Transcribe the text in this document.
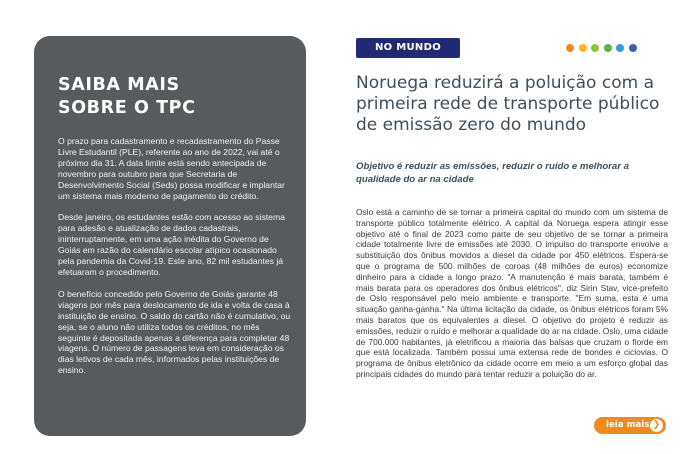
SAIBA MAIS
SOBRE O TPC

O prazo para cadastramento e recadastramento do Passe Livre Estudantil (PLE), referente ao ano de 2022, vai até o próximo dia 31. A data limite está sendo antecipada de novembro para outubro para que Secretaria de Desenvolvimento Social (Seds) possa modificar e implantar um sistema mais moderno de pagamento do crédito.

Desde janeiro, os estudantes estão com acesso ao sistema para adesão e atualização de dados cadastrais, ininterruptamente, em uma ação inédita do Governo de Goiás em razão do calendário escolar atípico ocasionado pela pandemia da Covid-19. Este ano, 82 mil estudantes já efetuaram o procedimento.

O benefício concedido pelo Governo de Goiás garante 48 viagens por mês para deslocamento de ida e volta de casa à instituição de ensino. O saldo do cartão não é cumulativo, ou seja, se o aluno não utiliza todos os créditos, no mês seguinte é depositada apenas a diferença para completar 48 viagens. O número de passagens leva em consideração os dias letivos de cada mês, informados pelas instituições de ensino.

NO MUNDO
Noruega reduzirá a poluição com a primeira rede de transporte público de emissão zero do mundo

Objetivo é reduzir as emissões, reduzir o ruído e melhorar a qualidade do ar na cidade

Oslo está a caminho de se tornar a primeira capital do mundo com um sistema de transporte público totalmente elétrico. A capital da Noruega espera atingir esse objetivo até o final de 2023 como parte de seu objetivo de se tornar a primeira cidade totalmente livre de emissões até 2030. O impulso do transporte envolve a substituição dos ônibus movidos a diesel da cidade por 450 elétricos. Espera-se que o programa de 500 milhões de coroas (48 milhões de euros) economize dinheiro para a cidade a longo prazo. "A manutenção é mais barata, também é mais barata para os operadores dos ônibus elétricos", diz Sirin Stav, vice-prefeito de Oslo responsável pelo meio ambiente e transporte. "Em suma, esta é uma situação ganha-ganha." Na última licitação da cidade, os ônibus elétricos foram 5% mais baratos que os equivalentes a diesel. O objetivo do projeto é reduzir as emissões, reduzir o ruído e melhorar a qualidade do ar na cidade. Oslo, uma cidade de 700.000 habitantes, já eletrificou a maioria das balsas que cruzam o fiorde em que está localizada. Também possui uma extensa rede de bondes e ciclovias. O programa de ônibus eletrônico da cidade ocorre em meio a um esforço global das principais cidades do mundo para tentar reduzir a poluição do ar.

leia mais ❯
